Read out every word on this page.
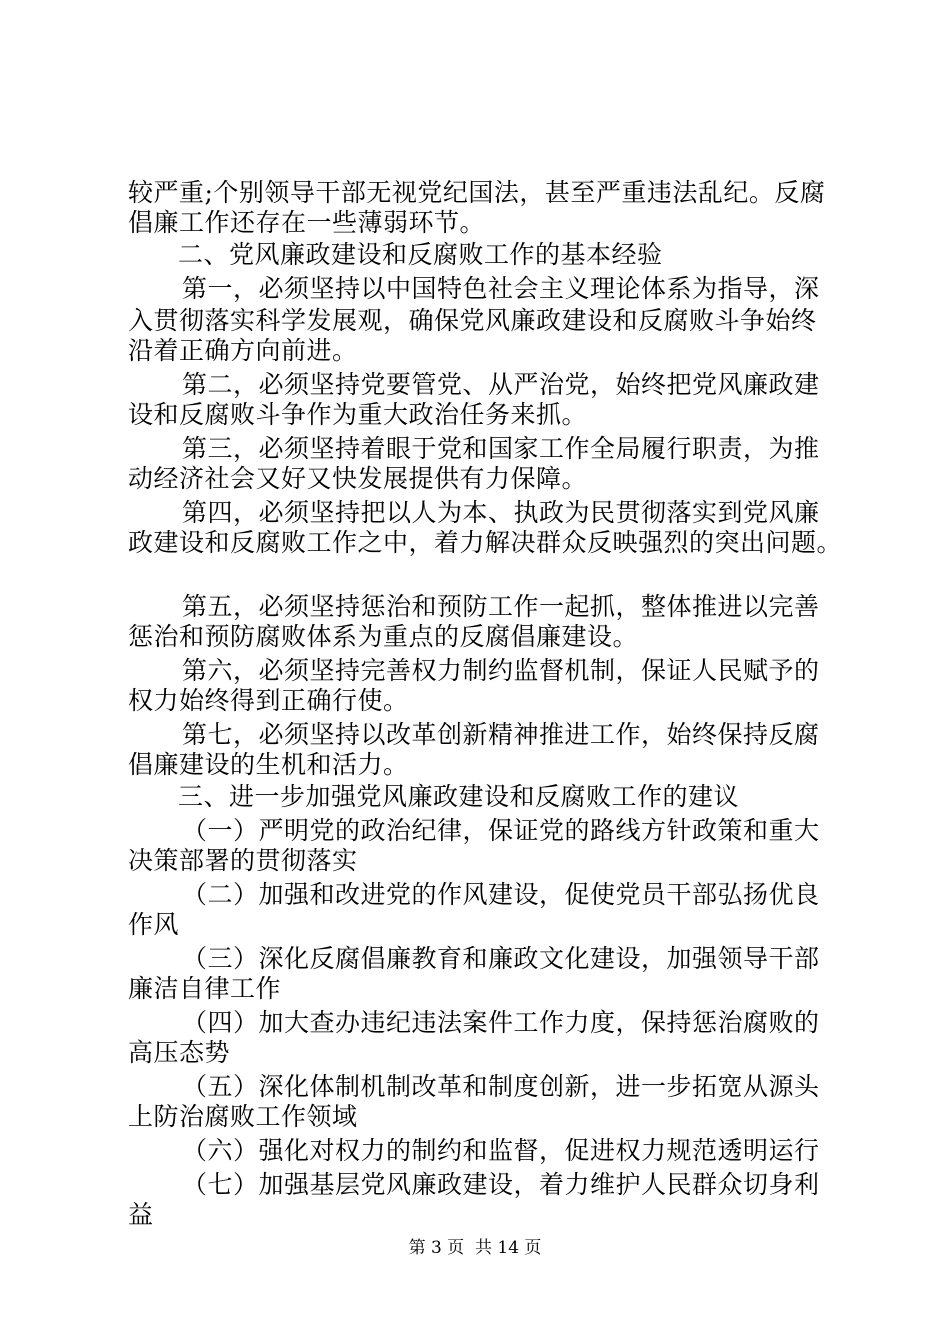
较严重;个别领导干部无视党纪国法，甚至严重违法乱纪。反腐
倡廉工作还存在一些薄弱环节。
二、党风廉政建设和反腐败工作的基本经验
第一，必须坚持以中国特色社会主义理论体系为指导，深
入贯彻落实科学发展观，确保党风廉政建设和反腐败斗争始终
沿着正确方向前进。
第二，必须坚持党要管党、从严治党，始终把党风廉政建
设和反腐败斗争作为重大政治任务来抓。
第三，必须坚持着眼于党和国家工作全局履行职责，为推
动经济社会又好又快发展提供有力保障。
第四，必须坚持把以人为本、执政为民贯彻落实到党风廉
政建设和反腐败工作之中，着力解决群众反映强烈的突出问题。
第五，必须坚持惩治和预防工作一起抓，整体推进以完善
惩治和预防腐败体系为重点的反腐倡廉建设。
第六，必须坚持完善权力制约监督机制，保证人民赋予的
权力始终得到正确行使。
第七，必须坚持以改革创新精神推进工作，始终保持反腐
倡廉建设的生机和活力。
三、进一步加强党风廉政建设和反腐败工作的建议
（一）严明党的政治纪律，保证党的路线方针政策和重大
决策部署的贯彻落实
（二）加强和改进党的作风建设，促使党员干部弘扬优良
作风
（三）深化反腐倡廉教育和廉政文化建设，加强领导干部
廉洁自律工作
（四）加大查办违纪违法案件工作力度，保持惩治腐败的
高压态势
（五）深化体制机制改革和制度创新，进一步拓宽从源头
上防治腐败工作领域
（六）强化对权力的制约和监督，促进权力规范透明运行
（七）加强基层党风廉政建设，着力维护人民群众切身利
益
第 3 页  共 14 页
